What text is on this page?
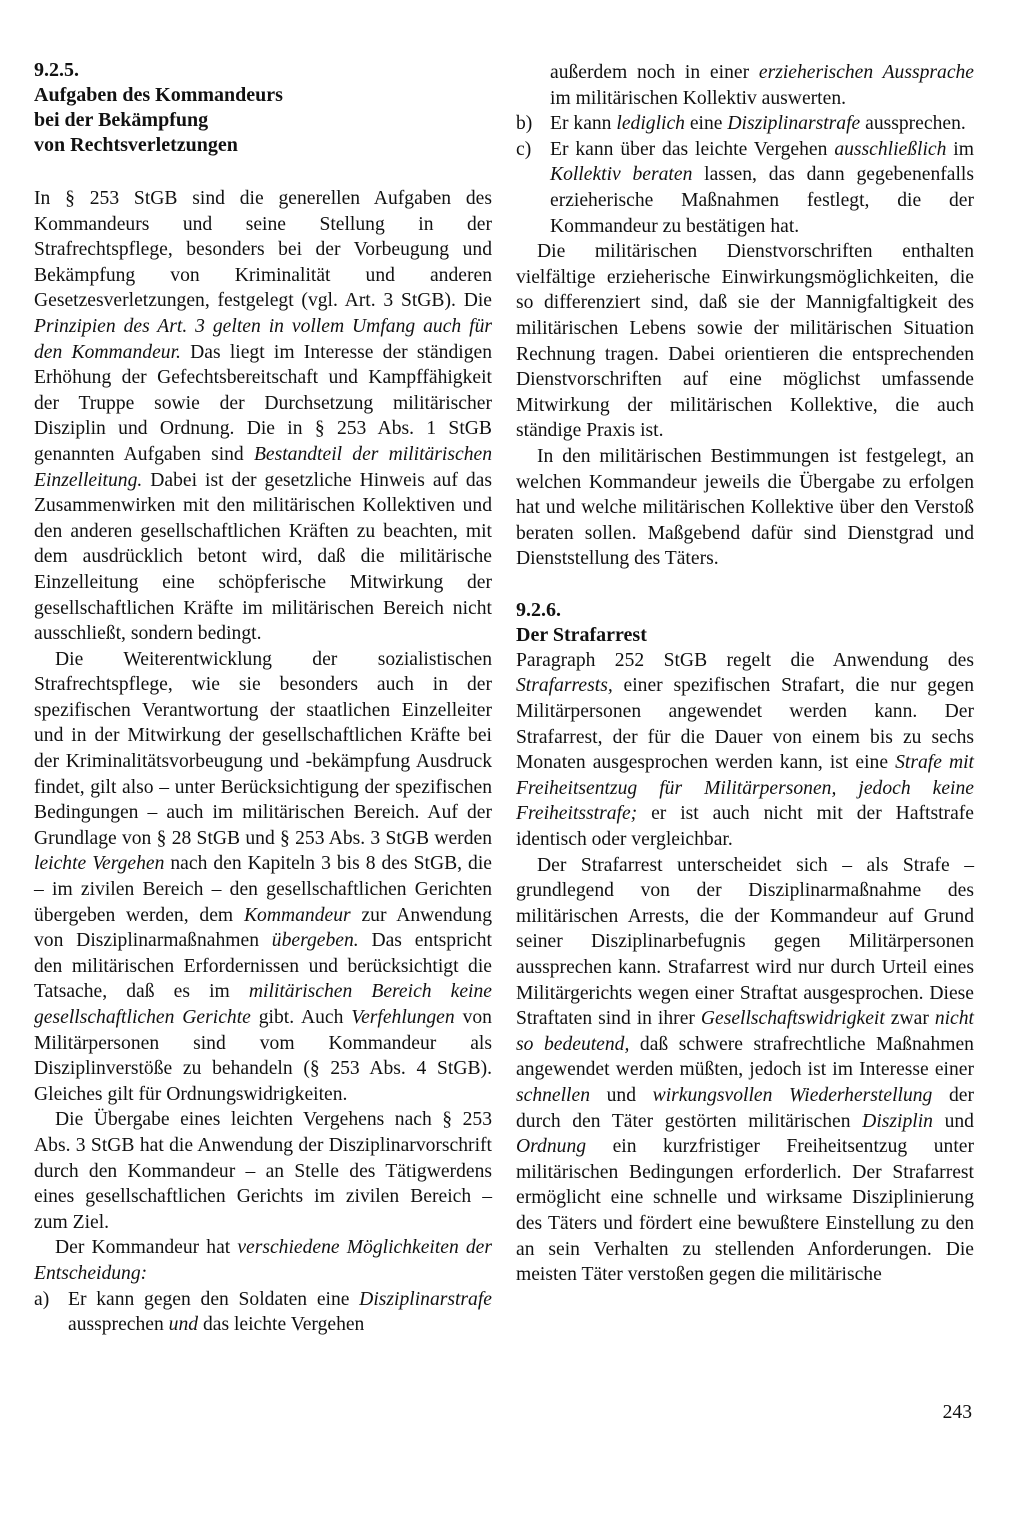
9.2.5.
Aufgaben des Kommandeurs
bei der Bekämpfung
von Rechtsverletzungen

In § 253 StGB sind die generellen Aufgaben des Kommandeurs und seine Stellung in der Strafrechtspflege, besonders bei der Vorbeugung und Bekämpfung von Kriminalität und anderen Gesetzesverletzungen, festgelegt (vgl. Art. 3 StGB). Die Prinzipien des Art. 3 gelten in vollem Umfang auch für den Kommandeur. Das liegt im Interesse der ständigen Erhöhung der Gefechtsbereitschaft und Kampffähigkeit der Truppe sowie der Durchsetzung militärischer Disziplin und Ordnung. Die in § 253 Abs. 1 StGB genannten Aufgaben sind Bestandteil der militärischen Einzelleitung. Dabei ist der gesetzliche Hinweis auf das Zusammenwirken mit den militärischen Kollektiven und den anderen gesellschaftlichen Kräften zu beachten, mit dem ausdrücklich betont wird, daß die militärische Einzelleitung eine schöpferische Mitwirkung der gesellschaftlichen Kräfte im militärischen Bereich nicht ausschließt, sondern bedingt.

Die Weiterentwicklung der sozialistischen Strafrechtspflege, wie sie besonders auch in der spezifischen Verantwortung der staatlichen Einzelleiter und in der Mitwirkung der gesellschaftlichen Kräfte bei der Kriminalitätsvorbeugung und -bekämpfung Ausdruck findet, gilt also – unter Berücksichtigung der spezifischen Bedingungen – auch im militärischen Bereich. Auf der Grundlage von § 28 StGB und § 253 Abs. 3 StGB werden leichte Vergehen nach den Kapiteln 3 bis 8 des StGB, die – im zivilen Bereich – den gesellschaftlichen Gerichten übergeben werden, dem Kommandeur zur Anwendung von Disziplinarmaßnahmen übergeben. Das entspricht den militärischen Erfordernissen und berücksichtigt die Tatsache, daß es im militärischen Bereich keine gesellschaftlichen Gerichte gibt. Auch Verfehlungen von Militärpersonen sind vom Kommandeur als Disziplinverstöße zu behandeln (§ 253 Abs. 4 StGB). Gleiches gilt für Ordnungswidrigkeiten.

Die Übergabe eines leichten Vergehens nach § 253 Abs. 3 StGB hat die Anwendung der Disziplinarvorschrift durch den Kommandeur – an Stelle des Tätigwerdens eines gesellschaftlichen Gerichts im zivilen Bereich – zum Ziel.

Der Kommandeur hat verschiedene Möglichkeiten der Entscheidung:

a) Er kann gegen den Soldaten eine Disziplinarstrafe aussprechen und das leichte Vergehen
außerdem noch in einer erzieherischen Aussprache im militärischen Kollektiv auswerten.
b) Er kann lediglich eine Disziplinarstrafe aussprechen.
c) Er kann über das leichte Vergehen ausschließlich im Kollektiv beraten lassen, das dann gegebenenfalls erzieherische Maßnahmen festlegt, die der Kommandeur zu bestätigen hat.

Die militärischen Dienstvorschriften enthalten vielfältige erzieherische Einwirkungsmöglichkeiten, die so differenziert sind, daß sie der Mannigfaltigkeit des militärischen Lebens sowie der militärischen Situation Rechnung tragen. Dabei orientieren die entsprechenden Dienstvorschriften auf eine möglichst umfassende Mitwirkung der militärischen Kollektive, die auch ständige Praxis ist.

In den militärischen Bestimmungen ist festgelegt, an welchen Kommandeur jeweils die Übergabe zu erfolgen hat und welche militärischen Kollektive über den Verstoß beraten sollen. Maßgebend dafür sind Dienstgrad und Dienststellung des Täters.

9.2.6.
Der Strafarrest

Paragraph 252 StGB regelt die Anwendung des Strafarrests, einer spezifischen Strafart, die nur gegen Militärpersonen angewendet werden kann. Der Strafarrest, der für die Dauer von einem bis zu sechs Monaten ausgesprochen werden kann, ist eine Strafe mit Freiheitsentzug für Militärpersonen, jedoch keine Freiheitsstrafe; er ist auch nicht mit der Haftstrafe identisch oder vergleichbar.

Der Strafarrest unterscheidet sich – als Strafe – grundlegend von der Disziplinarmaßnahme des militärischen Arrests, die der Kommandeur auf Grund seiner Disziplinarbefugnis gegen Militärpersonen aussprechen kann. Strafarrest wird nur durch Urteil eines Militärgerichts wegen einer Straftat ausgesprochen. Diese Straftaten sind in ihrer Gesellschaftswidrigkeit zwar nicht so bedeutend, daß schwere strafrechtliche Maßnahmen angewendet werden müßten, jedoch ist im Interesse einer schnellen und wirkungsvollen Wiederherstellung der durch den Täter gestörten militärischen Disziplin und Ordnung ein kurzfristiger Freiheitsentzug unter militärischen Bedingungen erforderlich. Der Strafarrest ermöglicht eine schnelle und wirksame Disziplinierung des Täters und fördert eine bewußtere Einstellung zu den an sein Verhalten zu stellenden Anforderungen. Die meisten Täter verstoßen gegen die militärische

243
